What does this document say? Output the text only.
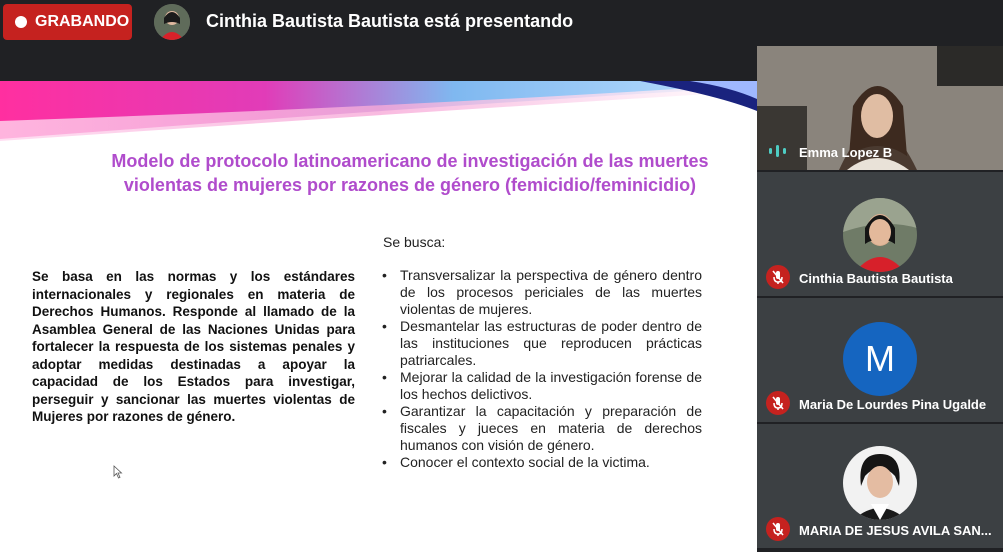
GRABANDO	Cinthia Bautista Bautista está presentando
Modelo de protocolo latinoamericano de investigación de las muertes violentas de mujeres por razones de género (femicidio/feminicidio)
Se basa en las normas y los estándares internacionales y regionales en materia de Derechos Humanos. Responde al llamado de la Asamblea General de las Naciones Unidas para fortalecer la respuesta de los sistemas penales y adoptar medidas destinadas a apoyar la capacidad de los Estados para investigar, perseguir y sancionar las muertes violentas de Mujeres por razones de género.
Se busca:
• Transversalizar la perspectiva de género dentro de los procesos periciales de las muertes violentas de mujeres.
• Desmantelar las estructuras de poder dentro de las instituciones que reproducen prácticas patriarcales.
• Mejorar la calidad de la investigación forense de los hechos delictivos.
• Garantizar la capacitación y preparación de fiscales y jueces en materia de derechos humanos con visión de género.
• Conocer el contexto social de la victima.
Emma Lopez B
Cinthia Bautista Bautista
M
Maria De Lourdes Pina Ugalde
MARIA DE JESUS AVILA SAN...
